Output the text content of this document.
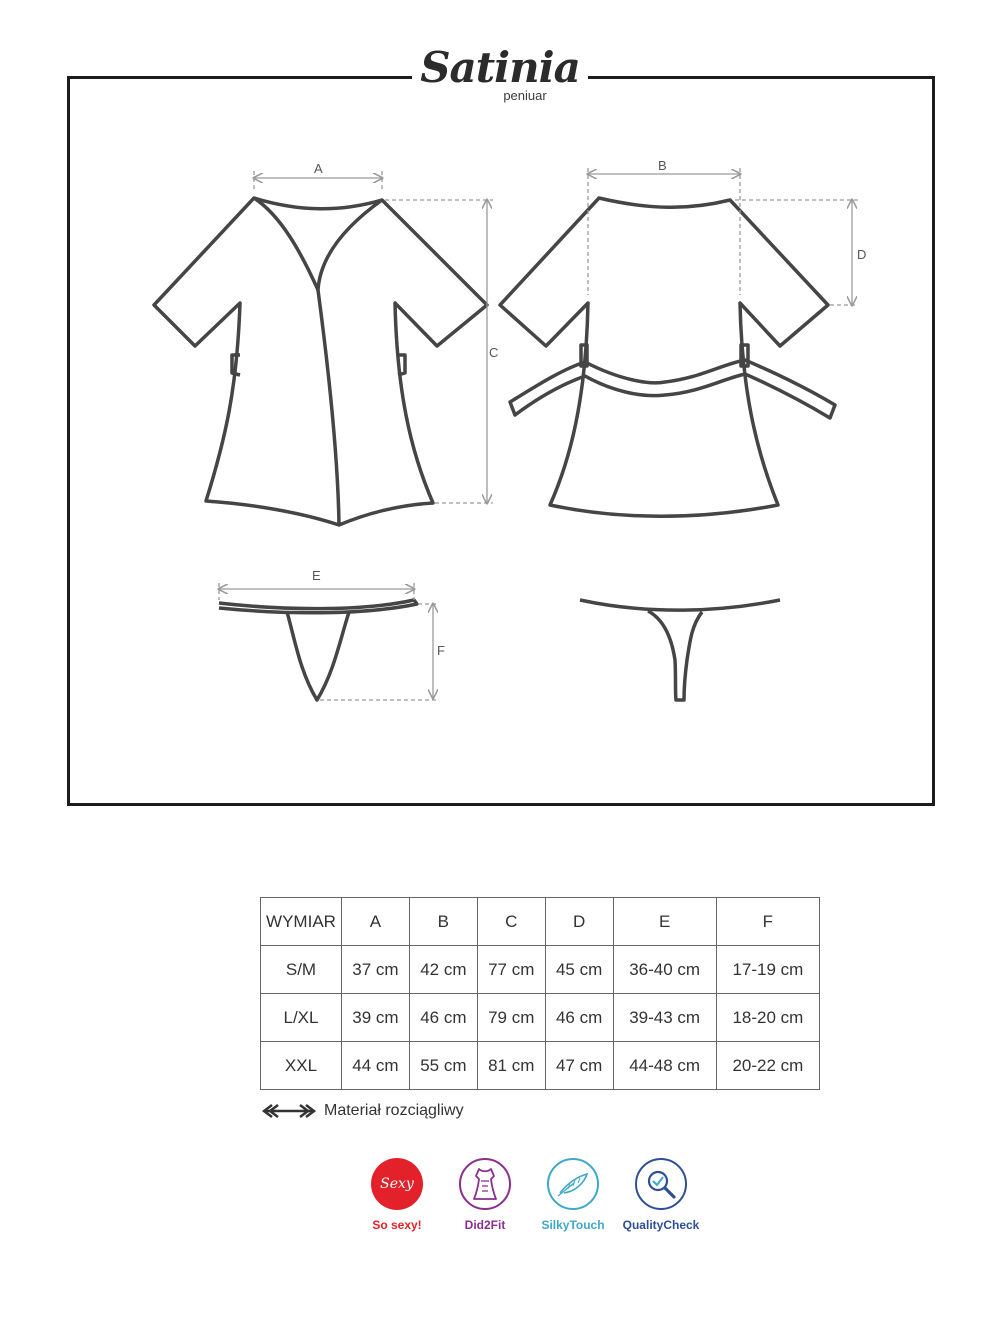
A	B
C
D
E
F
Satinia
peniuar
WYMIAR	A	B	C	D	E	F
S/M	37 cm	42 cm	77 cm	45 cm	36-40 cm	17-19 cm
L/XL	39 cm	46 cm	79 cm	46 cm	39-43 cm	18-20 cm
XXL	44 cm	55 cm	81 cm	47 cm	44-48 cm	20-22 cm
Materiał rozciągliwy
Sexy
So sexy!	Did2Fit	SilkyTouch	QualityCheck
